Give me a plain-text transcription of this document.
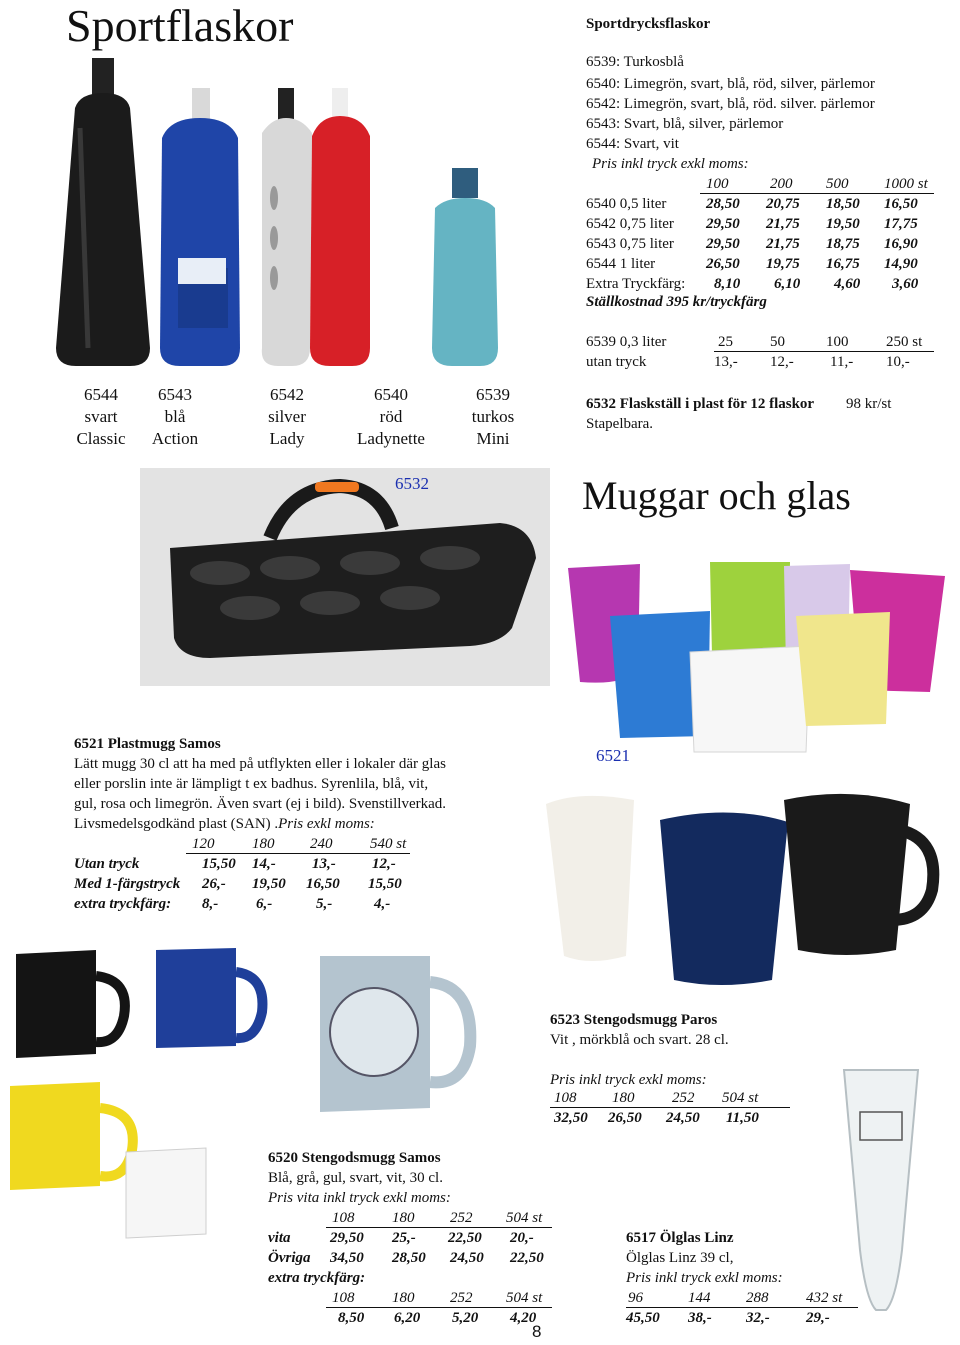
Sportflaskor
6544
svart
Classic
6543
blå
Action
6542
silver
Lady
6540
röd
Ladynette
6539
turkos
Mini
Sportdrycksflaskor
6539: Turkosblå
6540: Limegrön, svart, blå, röd, silver, pärlemor
6542: Limegrön, svart, blå, röd. silver. pärlemor
6543: Svart, blå, silver, pärlemor
6544: Svart, vit
Pris inkl tryck exkl moms:
100	200 500 1000 st
6540 0,5 liter	28,50 20,75 18,50 16,50
6542 0,75 liter 29,50 21,75 19,50 17,75
6543 0,75 liter 29,50 21,75 18,75 16,90
6544 1 liter	26,50 19,75 16,75 14,90
Extra Tryckfärg: 8,10 6,10 4,60 3,60
Ställkostnad 395 kr/tryckfärg
6539 0,3 liter	25 50	100	250 st
utan tryck	13,- 12,- 11,- 10,-
6532 Flaskställ i plast för 12 flaskor 98 kr/st
Stapelbara.
6532	Muggar och glas
6521 Plastmugg Samos
Lätt mugg 30 cl att ha med på utflykten eller i lokaler där glas
eller porslin inte är lämpligt t ex badhus. Syrenlila, blå, vit,
gul, rosa och limegrön. Även svart (ej i bild). Svenstillverkad.
Livsmedelsgodkänd plast (SAN) .Pris exkl moms:
120	180 240	540 st
Utan tryck	15,50 14,- 13,- 12,-
Med 1-färgstryck 26,- 19,50 16,50 15,50
extra tryckfärg: 8,-	6,-	5,-	4,-
6521
6523 Stengodsmugg Paros
Vit , mörkblå och svart. 28 cl.
Pris inkl tryck exkl moms:
108 180	252 504 st
32,50 26,50 24,50 11,50
6520 Stengodsmugg Samos
Blå, grå, gul, svart, vit, 30 cl.
Pris vita inkl tryck exkl moms:
108	180 252 504 st
vita	29,50 25,- 22,50 20,-
Övriga 34,50 28,50 24,50 22,50
extra tryckfärg:
108	180 252 504 st
8,50 6,20 5,20 4,20
6517 Ölglas Linz
Ölglas Linz 39 cl,
Pris inkl tryck exkl moms:
96	144 288	432 st
45,50 38,- 32,- 29,-
8
